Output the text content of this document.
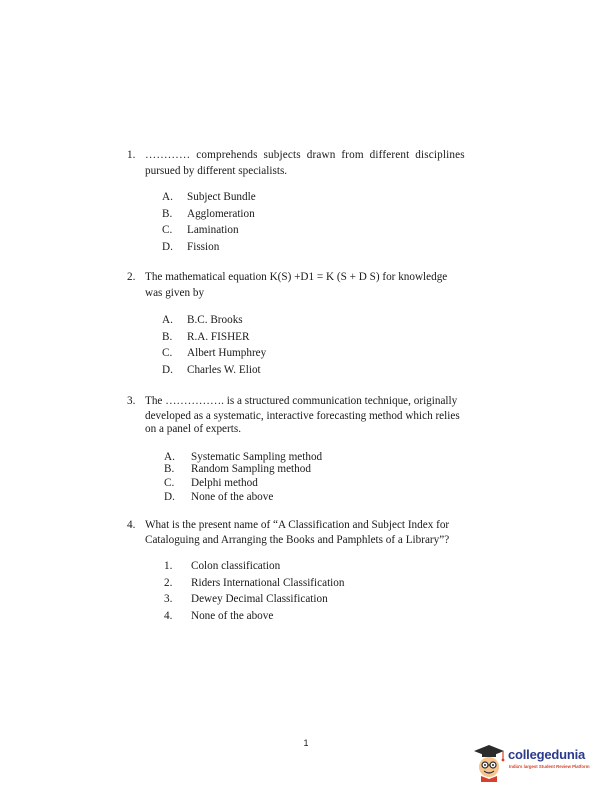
1. ………… comprehends subjects drawn from different disciplines
pursued by different specialists.
A. Subject Bundle
B. Agglomeration
C. Lamination
D. Fission
2. The mathematical equation K(S) +D1 = K (S + D S) for knowledge
was given by
A. B.C. Brooks
B. R.A. FISHER
C. Albert Humphrey
D. Charles W. Eliot
3. The ……………. is a structured communication technique, originally
developed as a systematic, interactive forecasting method which relies
on a panel of experts.
A. Systematic Sampling method
B. Random Sampling method
C. Delphi method
D. None of the above
4. What is the present name of “A Classification and Subject Index for
Cataloguing and Arranging the Books and Pamphlets of a Library”?
1. Colon classification
2. Riders International Classification
3. Dewey Decimal Classification
4. None of the above
1
collegedunia
India's largest Student Review Platform
